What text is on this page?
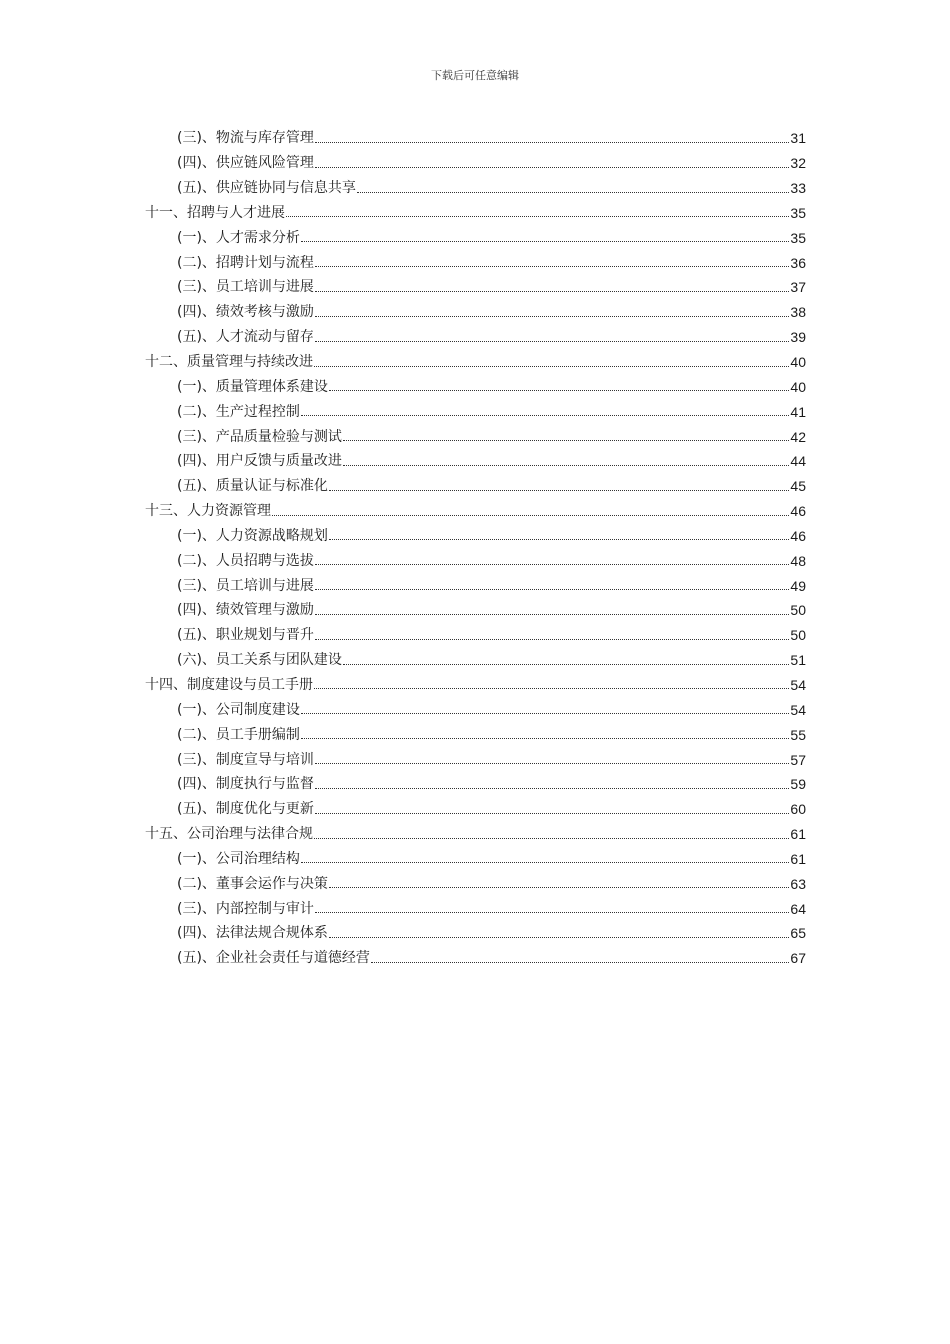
下载后可任意编辑
(三)、物流与库存管理	31
(四)、供应链风险管理	32
(五)、供应链协同与信息共享	33
十一、招聘与人才进展	35
(一)、人才需求分析	35
(二)、招聘计划与流程	36
(三)、员工培训与进展	37
(四)、绩效考核与激励	38
(五)、人才流动与留存	39
十二、质量管理与持续改进	40
(一)、质量管理体系建设	40
(二)、生产过程控制	41
(三)、产品质量检验与测试	42
(四)、用户反馈与质量改进	44
(五)、质量认证与标准化	45
十三、人力资源管理	46
(一)、人力资源战略规划	46
(二)、人员招聘与选拔	48
(三)、员工培训与进展	49
(四)、绩效管理与激励	50
(五)、职业规划与晋升	50
(六)、员工关系与团队建设	51
十四、制度建设与员工手册	54
(一)、公司制度建设	54
(二)、员工手册编制	55
(三)、制度宣导与培训	57
(四)、制度执行与监督	59
(五)、制度优化与更新	60
十五、公司治理与法律合规	61
(一)、公司治理结构	61
(二)、董事会运作与决策	63
(三)、内部控制与审计	64
(四)、法律法规合规体系	65
(五)、企业社会责任与道德经营	67
